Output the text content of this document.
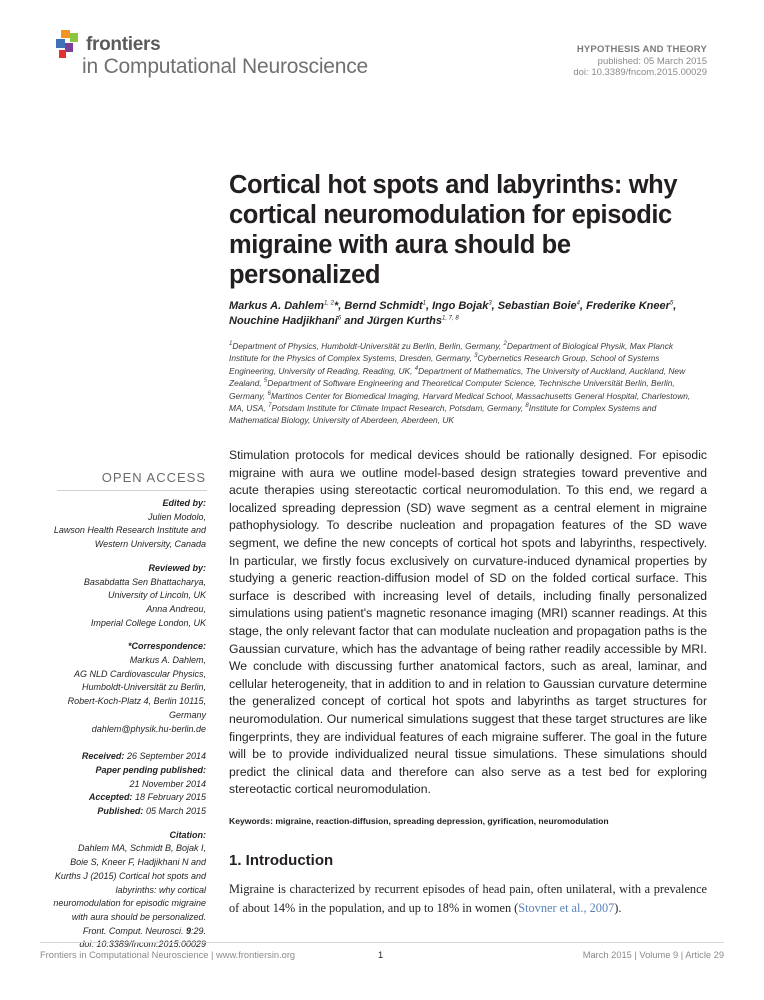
frontiers
in Computational Neuroscience
HYPOTHESIS AND THEORY
published: 05 March 2015
doi: 10.3389/fncom.2015.00029
Cortical hot spots and labyrinths: why cortical neuromodulation for episodic migraine with aura should be personalized
Markus A. Dahlem$^{1, 2}$*, Bernd Schmidt$^1$, Ingo Bojak$^3$, Sebastian Boie$^4$, Frederike Kneer$^5$, Nouchine Hadjikhani$^6$ and Jürgen Kurths$^{1, 7, 8}$
$^1$Department of Physics, Humboldt-Universität zu Berlin, Berlin, Germany, $^2$Department of Biological Physik, Max Planck Institute for the Physics of Complex Systems, Dresden, Germany, $^3$Cybernetics Research Group, School of Systems Engineering, University of Reading, Reading, UK, $^4$Department of Mathematics, The University of Auckland, Auckland, New Zealand, $^5$Department of Software Engineering and Theoretical Computer Science, Technische Universität Berlin, Berlin, Germany, $^6$Martinos Center for Biomedical Imaging, Harvard Medical School, Massachusetts General Hospital, Charlestown, MA, USA, $^7$Potsdam Institute for Climate Impact Research, Potsdam, Germany, $^8$Institute for Complex Systems and Mathematical Biology, University of Aberdeen, Aberdeen, UK
OPEN ACCESS
Edited by:
Julien Modolo,
Lawson Health Research Institute and
Western University, Canada
Reviewed by:
Basabdatta Sen Bhattacharya,
University of Lincoln, UK
Anna Andreou,
Imperial College London, UK
*Correspondence:
Markus A. Dahlem,
AG NLD Cardiovascular Physics,
Humboldt-Universität zu Berlin,
Robert-Koch-Platz 4, Berlin 10115,
Germany
dahlem@physik.hu-berlin.de
Received: 26 September 2014
Paper pending published:
21 November 2014
Accepted: 18 February 2015
Published: 05 March 2015
Citation:
Dahlem MA, Schmidt B, Bojak I,
Boie S, Kneer F, Hadjikhani N and
Kurths J (2015) Cortical hot spots and
labyrinths: why cortical
neuromodulation for episodic migraine
with aura should be personalized.
Front. Comput. Neurosci. 9:29.
doi: 10.3389/fncom.2015.00029
Stimulation protocols for medical devices should be rationally designed. For episodic migraine with aura we outline model-based design strategies toward preventive and acute therapies using stereotactic cortical neuromodulation. To this end, we regard a localized spreading depression (SD) wave segment as a central element in migraine pathophysiology. To describe nucleation and propagation features of the SD wave segment, we define the new concepts of cortical hot spots and labyrinths, respectively. In particular, we firstly focus exclusively on curvature-induced dynamical properties by studying a generic reaction-diffusion model of SD on the folded cortical surface. This surface is described with increasing level of details, including finally personalized simulations using patient's magnetic resonance imaging (MRI) scanner readings. At this stage, the only relevant factor that can modulate nucleation and propagation paths is the Gaussian curvature, which has the advantage of being rather readily accessible by MRI. We conclude with discussing further anatomical factors, such as areal, laminar, and cellular heterogeneity, that in addition to and in relation to Gaussian curvature determine the generalized concept of cortical hot spots and labyrinths as target structures for neuromodulation. Our numerical simulations suggest that these target structures are like fingerprints, they are individual features of each migraine sufferer. The goal in the future will be to provide individualized neural tissue simulations. These simulations should predict the clinical data and therefore can also serve as a test bed for exploring stereotactic cortical neuromodulation.
Keywords: migraine, reaction-diffusion, spreading depression, gyrification, neuromodulation
1. Introduction
Migraine is characterized by recurrent episodes of head pain, often unilateral, with a prevalence of about 14% in the population, and up to 18% in women (Stovner et al., 2007).
Frontiers in Computational Neuroscience | www.frontiersin.org	1	March 2015 | Volume 9 | Article 29
